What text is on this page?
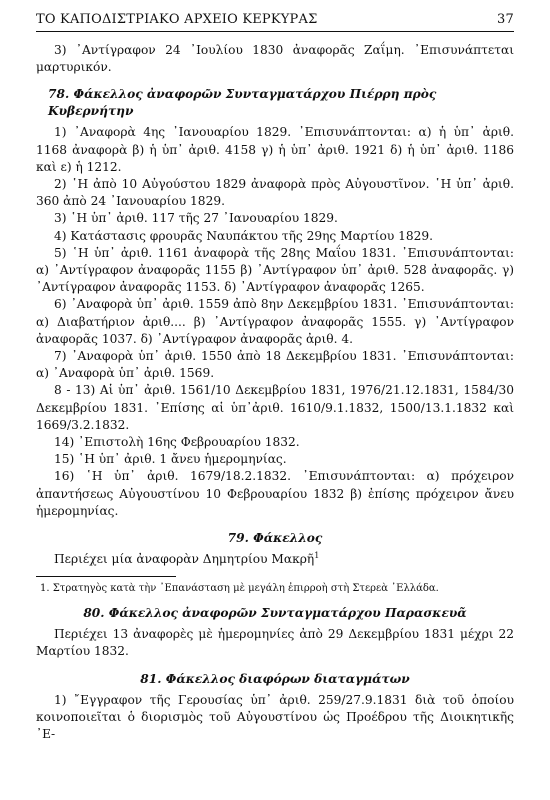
ΤΟ ΚΑΠΟΔΙΣΤΡΙΑΚΟ ΑΡΧΕΙΟ ΚΕΡΚΥΡΑΣ	37

3) ᾽Αντίγραφον 24 ᾽Ιουλίου 1830 ἀναφορᾶς Ζαΐμη. ᾽Επισυνάπτεται μαρτυρικόν.

78. Φάκελλος ἀναφορῶν Συνταγματάρχου Πιέρρη πρὸς Κυβερνήτην

1) ᾽Αναφορὰ 4ης ᾽Ιανουαρίου 1829. ᾽Επισυνάπτονται: α) ἡ ὑπ᾽ ἀριθ. 1168 ἀναφορὰ β) ἡ ὑπ᾽ ἀριθ. 4158 γ) ἡ ὑπ᾽ ἀριθ. 1921 δ) ἡ ὑπ᾽ ἀριθ. 1186 καὶ ε) ἡ 1212.

2) ῾Η ἀπὸ 10 Αὐγούστου 1829 ἀναφορὰ πρὸς Αὐγουστῖνον. ῾Η ὑπ᾽ ἀριθ. 360 ἀπὸ 24 ᾽Ιανουαρίου 1829.

3) ῾Η ὑπ᾽ ἀριθ. 117 τῆς 27 ᾽Ιανουαρίου 1829.

4) Κατάστασις φρουρᾶς Ναυπάκτου τῆς 29ης Μαρτίου 1829.

5) ῾Η ὑπ᾽ ἀριθ. 1161 ἀναφορὰ τῆς 28ης Μαΐου 1831. ᾽Επισυνάπτονται: α) ᾽Αντίγραφον ἀναφορᾶς 1155 β) ᾽Αντίγραφον ὑπ᾽ ἀριθ. 528 ἀναφορᾶς. γ) ᾽Αντίγραφον ἀναφορᾶς 1153. δ) ᾽Αντίγραφον ἀναφορᾶς 1265.

6) ᾽Αναφορὰ ὑπ᾽ ἀριθ. 1559 ἀπὸ 8ην Δεκεμβρίου 1831. ᾽Επισυνάπτονται: α) Διαβατήριον ἀριθ.... β) ᾽Αντίγραφον ἀναφορᾶς 1555. γ) ᾽Αντίγραφον ἀναφορᾶς 1037. δ) ᾽Αντίγραφον ἀναφορᾶς ἀριθ. 4.

7) ᾽Αναφορὰ ὑπ᾽ ἀριθ. 1550 ἀπὸ 18 Δεκεμβρίου 1831. ᾽Επισυνάπτονται: α) ᾽Αναφορὰ ὑπ᾽ ἀριθ. 1569.

8 - 13) Αἱ ὑπ᾽ ἀριθ. 1561/10 Δεκεμβρίου 1831, 1976/21.12.1831, 1584/30 Δεκεμβρίου 1831. ᾽Επίσης αἱ ὑπ᾽ἀριθ. 1610/9.1.1832, 1500/13.1.1832 καὶ 1669/3.2.1832.

14) ᾽Επιστολὴ 16ης Φεβρουαρίου 1832.

15) ῾Η ὑπ᾽ ἀριθ. 1 ἄνευ ἡμερομηνίας.

16) ῾Η ὑπ᾽ ἀριθ. 1679/18.2.1832. ᾽Επισυνάπτονται: α) πρόχειρον ἀπαντήσεως Αὐγουστίνου 10 Φεβρουαρίου 1832 β) ἐπίσης πρόχειρον ἄνευ ἡμερομηνίας.

79. Φάκελλος

Περιέχει μία ἀναφορὰν Δημητρίου Μακρῆ$^1$

1. Στρατηγὸς κατὰ τὴν ᾽Επανάσταση μὲ μεγάλη ἐπιρροὴ στὴ Στερεὰ ᾽Ελλάδα.
80. Φάκελλος ἀναφορῶν Συνταγματάρχου Παρασκευᾶ

Περιέχει 13 ἀναφορὲς μὲ ἡμερομηνίες ἀπὸ 29 Δεκεμβρίου 1831 μέχρι 22 Μαρτίου 1832.

81. Φάκελλος διαφόρων διαταγμάτων

1) ῎Εγγραφον τῆς Γερουσίας ὑπ᾽ ἀριθ. 259/27.9.1831 διὰ τοῦ ὁποίου κοινοποιεῖται ὁ διορισμὸς τοῦ Αὐγουστίνου ὡς Προέδρου τῆς Διοικητικῆς ᾽Ε-
